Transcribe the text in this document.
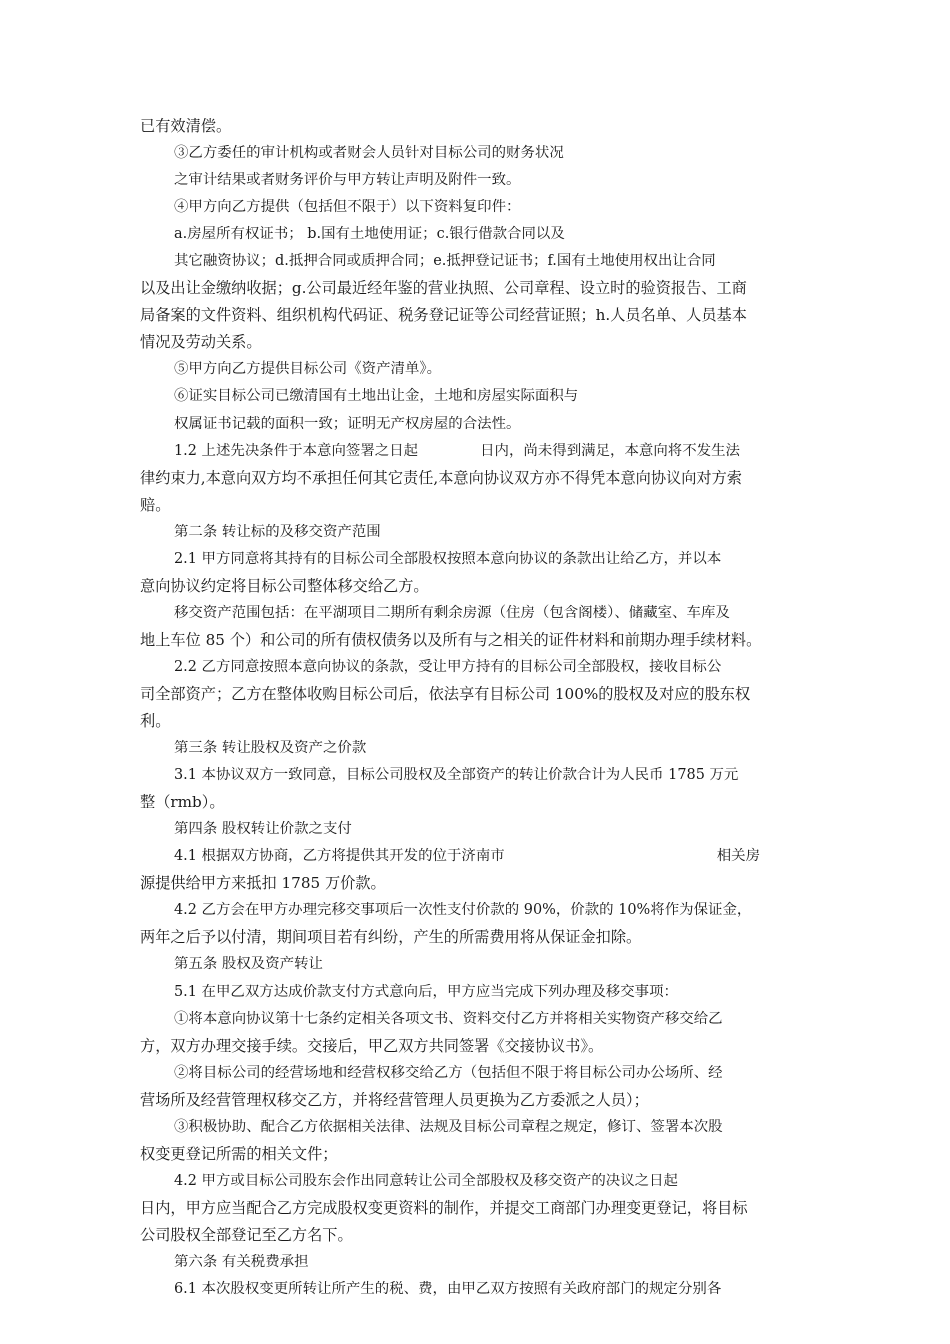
已有效清偿。

③乙方委任的审计机构或者财会人员针对目标公司的财务状况

之审计结果或者财务评价与甲方转让声明及附件一致。

④甲方向乙方提供（包括但不限于）以下资料复印件：

a.房屋所有权证书； b.国有土地使用证；c.银行借款合同以及

其它融资协议；d.抵押合同或质押合同；e.抵押登记证书；f.国有土地使用权出让合同

以及出让金缴纳收据；g.公司最近经年鉴的营业执照、公司章程、设立时的验资报告、工商

局备案的文件资料、组织机构代码证、税务登记证等公司经营证照；h.人员名单、人员基本

情况及劳动关系。

⑤甲方向乙方提供目标公司《资产清单》。

⑥证实目标公司已缴清国有土地出让金，土地和房屋实际面积与

权属证书记载的面积一致；证明无产权房屋的合法性。

1.2 上述先决条件于本意向签署之日起	日内，尚未得到满足，本意向将不发生法

律约束力,本意向双方均不承担任何其它责任,本意向协议双方亦不得凭本意向协议向对方索

赔。

第二条 转让标的及移交资产范围

2.1 甲方同意将其持有的目标公司全部股权按照本意向协议的条款出让给乙方，并以本

意向协议约定将目标公司整体移交给乙方。

移交资产范围包括：在平湖项目二期所有剩余房源（住房（包含阁楼）、储藏室、车库及

地上车位 85 个）和公司的所有债权债务以及所有与之相关的证件材料和前期办理手续材料。

2.2 乙方同意按照本意向协议的条款，受让甲方持有的目标公司全部股权，接收目标公

司全部资产；乙方在整体收购目标公司后，依法享有目标公司 100%的股权及对应的股东权

利。

第三条 转让股权及资产之价款

3.1 本协议双方一致同意，目标公司股权及全部资产的转让价款合计为人民币 1785 万元

整（rmb）。

第四条 股权转让价款之支付

4.1 根据双方协商，乙方将提供其开发的位于济南市	相关房

源提供给甲方来抵扣 1785 万价款。

4.2 乙方会在甲方办理完移交事项后一次性支付价款的 90%，价款的 10%将作为保证金，

两年之后予以付清，期间项目若有纠纷，产生的所需费用将从保证金扣除。

第五条 股权及资产转让

5.1 在甲乙双方达成价款支付方式意向后，甲方应当完成下列办理及移交事项：

①将本意向协议第十七条约定相关各项文书、资料交付乙方并将相关实物资产移交给乙

方，双方办理交接手续。交接后，甲乙双方共同签署《交接协议书》。

②将目标公司的经营场地和经营权移交给乙方（包括但不限于将目标公司办公场所、经

营场所及经营管理权移交乙方，并将经营管理人员更换为乙方委派之人员）；

③积极协助、配合乙方依据相关法律、法规及目标公司章程之规定，修订、签署本次股

权变更登记所需的相关文件；

4.2 甲方或目标公司股东会作出同意转让公司全部股权及移交资产的决议之日起

日内，甲方应当配合乙方完成股权变更资料的制作，并提交工商部门办理变更登记，将目标

公司股权全部登记至乙方名下。

第六条 有关税费承担

6.1 本次股权变更所转让所产生的税、费，由甲乙双方按照有关政府部门的规定分别各
